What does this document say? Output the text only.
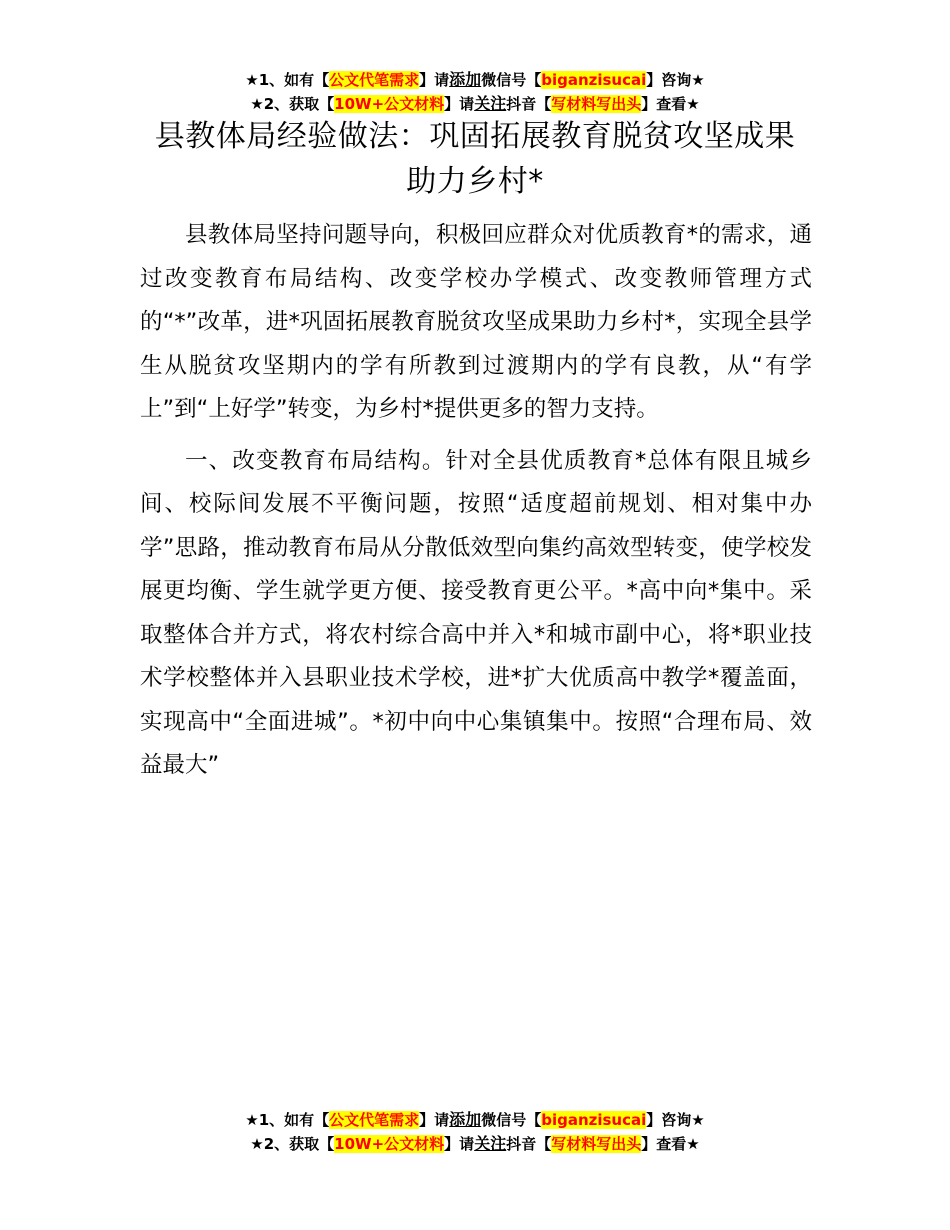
★1、如有【公文代笔需求】请添加微信号【biganzisucai】咨询★
★2、获取【10W+公文材料】请关注抖音【写材料写出头】查看★
县教体局经验做法：巩固拓展教育脱贫攻坚成果助力乡村*

县教体局坚持问题导向，积极回应群众对优质教育*的需求，通过改变教育布局结构、改变学校办学模式、改变教师管理方式的“*”改革，进*巩固拓展教育脱贫攻坚成果助力乡村*，实现全县学生从脱贫攻坚期内的学有所教到过渡期内的学有良教，从“有学上”到“上好学”转变，为乡村*提供更多的智力支持。

一、改变教育布局结构。针对全县优质教育*总体有限且城乡间、校际间发展不平衡问题，按照“适度超前规划、相对集中办学”思路，推动教育布局从分散低效型向集约高效型转变，使学校发展更均衡、学生就学更方便、接受教育更公平。*高中向*集中。采取整体合并方式，将农村综合高中并入*和城市副中心，将*职业技术学校整体并入县职业技术学校，进*扩大优质高中教学*覆盖面，实现高中“全面进城”。*初中向中心集镇集中。按照“合理布局、效益最大”

★1、如有【公文代笔需求】请添加微信号【biganzisucai】咨询★
★2、获取【10W+公文材料】请关注抖音【写材料写出头】查看★
